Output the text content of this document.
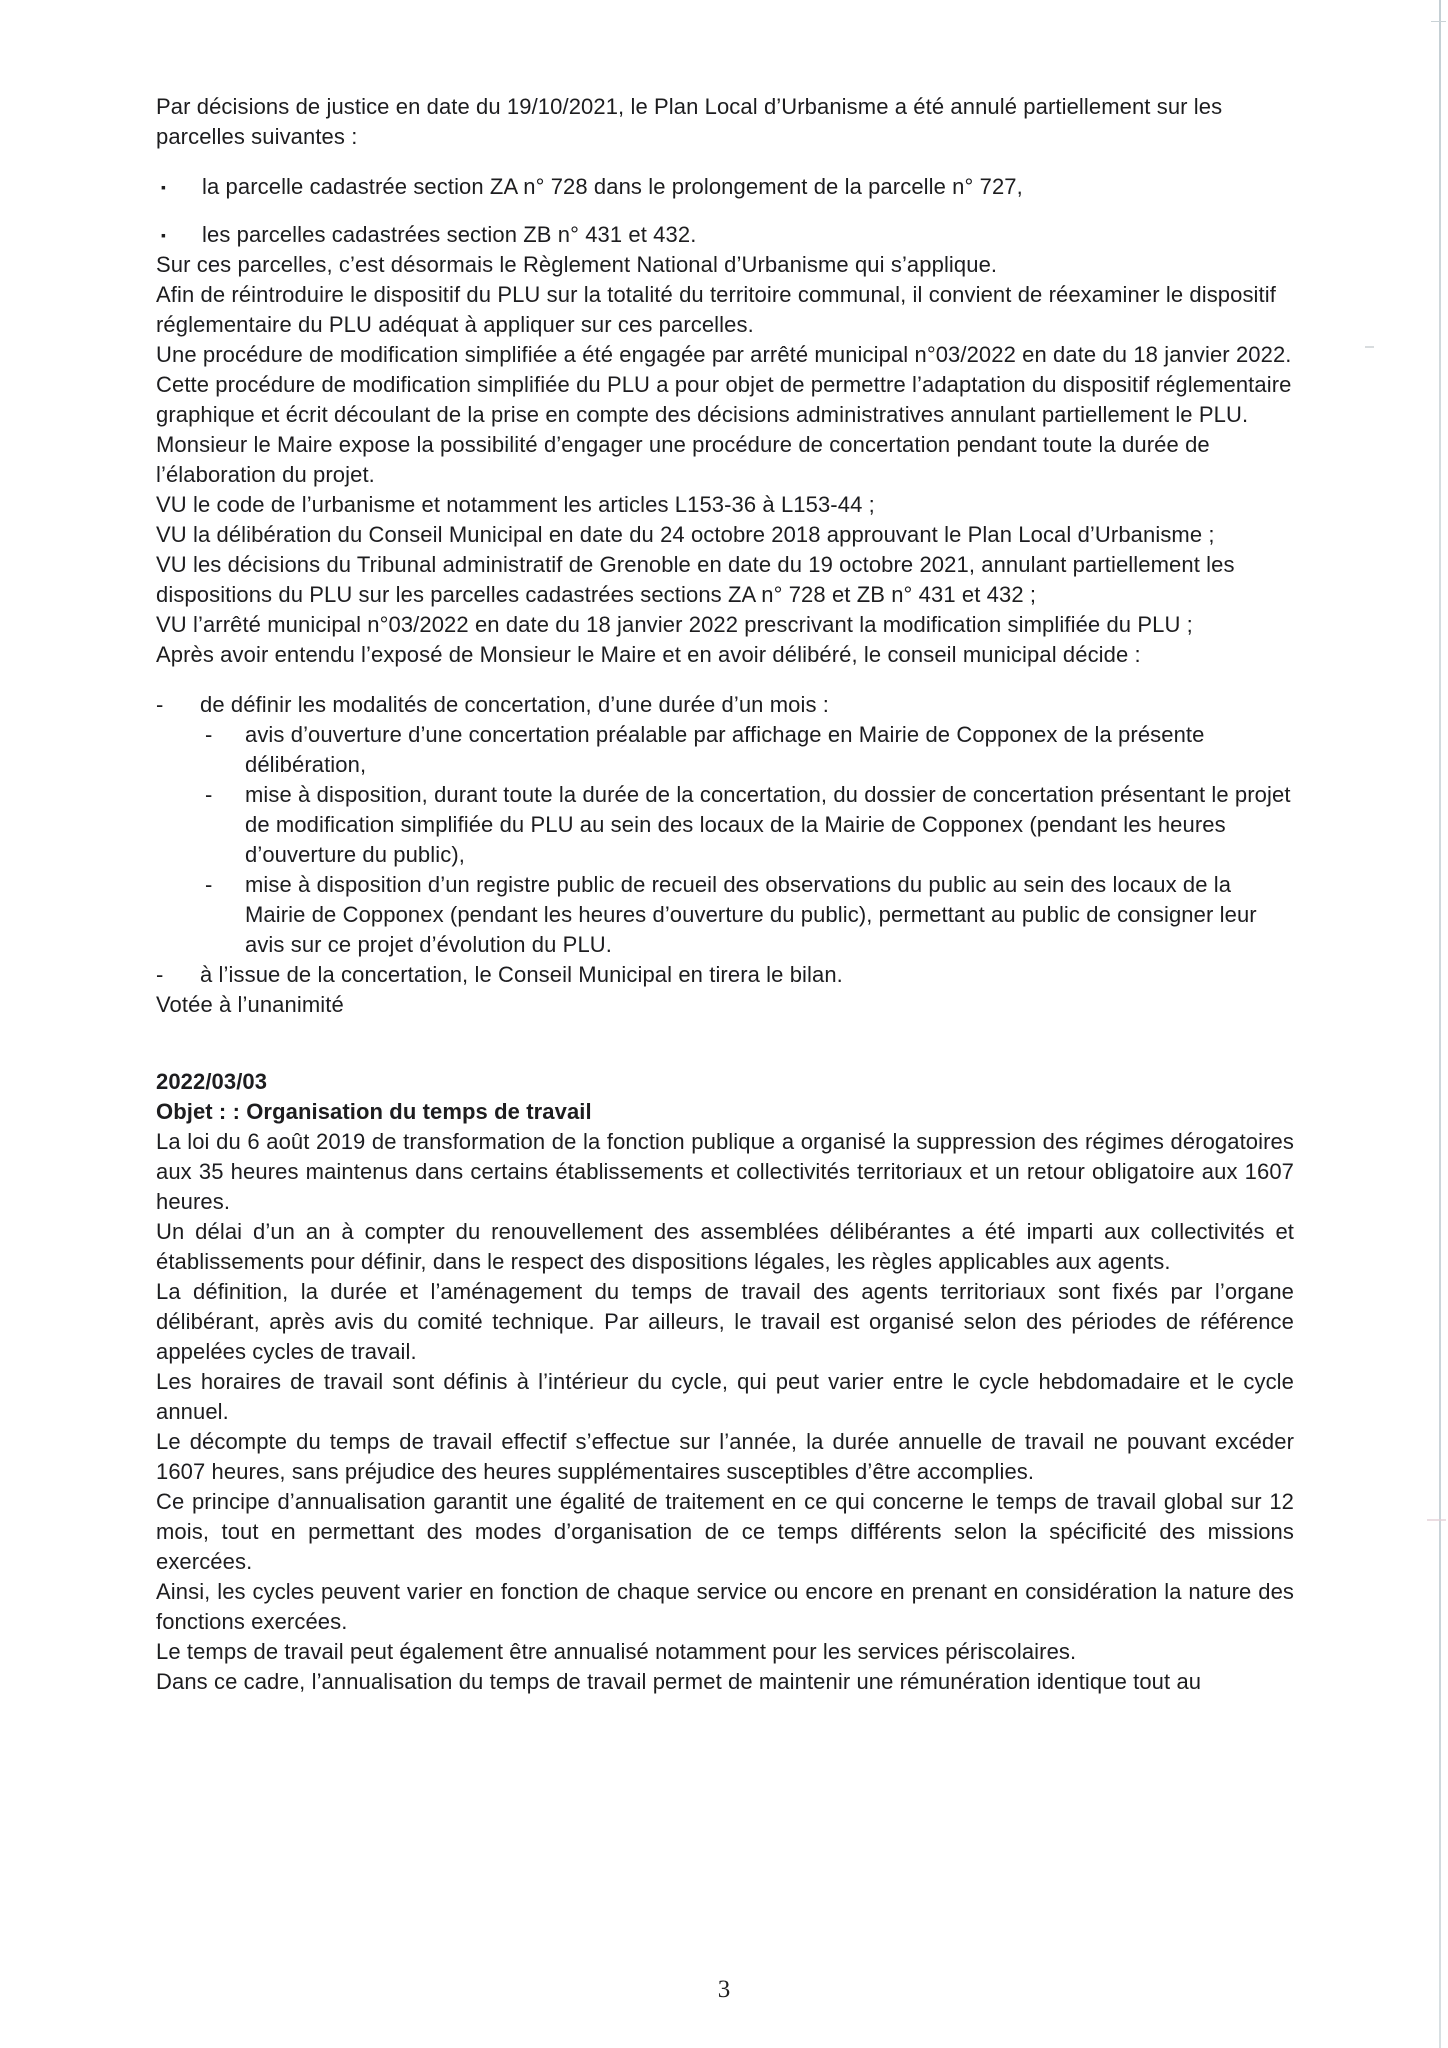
Par décisions de justice en date du 19/10/2021, le Plan Local d’Urbanisme a été annulé partiellement sur les parcelles suivantes :

▪	la parcelle cadastrée section ZA n° 728 dans le prolongement de la parcelle n° 727,
▪	les parcelles cadastrées section ZB n° 431 et 432.

Sur ces parcelles, c’est désormais le Règlement National d’Urbanisme qui s’applique.

Afin de réintroduire le dispositif du PLU sur la totalité du territoire communal, il convient de réexaminer le dispositif réglementaire du PLU adéquat à appliquer sur ces parcelles.

Une procédure de modification simplifiée a été engagée par arrêté municipal n°03/2022 en date du 18 janvier 2022. Cette procédure de modification simplifiée du PLU a pour objet de permettre l’adaptation du dispositif réglementaire graphique et écrit découlant de la prise en compte des décisions administratives annulant partiellement le PLU.

Monsieur le Maire expose la possibilité d’engager une procédure de concertation pendant toute la durée de l’élaboration du projet.

VU le code de l’urbanisme et notamment les articles L153-36 à L153-44 ;

VU la délibération du Conseil Municipal en date du 24 octobre 2018 approuvant le Plan Local d’Urbanisme ;

VU les décisions du Tribunal administratif de Grenoble en date du 19 octobre 2021, annulant partiellement les dispositions du PLU sur les parcelles cadastrées sections ZA n° 728 et ZB n° 431 et 432 ;

VU l’arrêté municipal n°03/2022 en date du 18 janvier 2022 prescrivant la modification simplifiée du PLU ;

Après avoir entendu l’exposé de Monsieur le Maire et en avoir délibéré, le conseil municipal décide :

-	de définir les modalités de concertation, d’une durée d’un mois :
-	avis d’ouverture d’une concertation préalable par affichage en Mairie de Copponex de la présente délibération,
-	mise à disposition, durant toute la durée de la concertation, du dossier de concertation présentant le projet de modification simplifiée du PLU au sein des locaux de la Mairie de Copponex (pendant les heures d’ouverture du public),
-	mise à disposition d’un registre public de recueil des observations du public au sein des locaux de la Mairie de Copponex (pendant les heures d’ouverture du public), permettant au public de consigner leur avis sur ce projet d’évolution du PLU.
-	à l’issue de la concertation, le Conseil Municipal en tirera le bilan.

Votée à l’unanimité

2022/03/03

Objet : : Organisation du temps de travail

La loi du 6 août 2019 de transformation de la fonction publique a organisé la suppression des régimes dérogatoires aux 35 heures maintenus dans certains établissements et collectivités territoriaux et un retour obligatoire aux 1607 heures.

Un délai d’un an à compter du renouvellement des assemblées délibérantes a été imparti aux collectivités et établissements pour définir, dans le respect des dispositions légales, les règles applicables aux agents.

La définition, la durée et l’aménagement du temps de travail des agents territoriaux sont fixés par l’organe délibérant, après avis du comité technique. Par ailleurs, le travail est organisé selon des périodes de référence appelées cycles de travail.

Les horaires de travail sont définis à l’intérieur du cycle, qui peut varier entre le cycle hebdomadaire et le cycle annuel.

Le décompte du temps de travail effectif s’effectue sur l’année, la durée annuelle de travail ne pouvant excéder 1607 heures, sans préjudice des heures supplémentaires susceptibles d’être accomplies.

Ce principe d’annualisation garantit une égalité de traitement en ce qui concerne le temps de travail global sur 12 mois, tout en permettant des modes d’organisation de ce temps différents selon la spécificité des missions exercées.

Ainsi, les cycles peuvent varier en fonction de chaque service ou encore en prenant en considération la nature des fonctions exercées.

Le temps de travail peut également être annualisé notamment pour les services périscolaires.

Dans ce cadre, l’annualisation du temps de travail permet de maintenir une rémunération identique tout au

3
